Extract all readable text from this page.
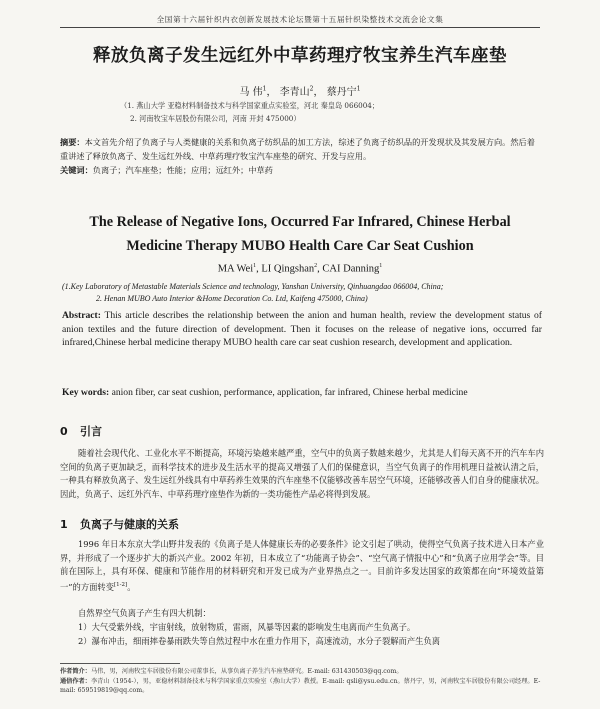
全国第十六届针织内衣创新发展技术论坛暨第十五届针织染整技术交流会论文集
释放负离子发生远红外中草药理疗牧宝养生汽车座垫
马 伟$^1$， 李青山$^2$， 蔡丹宁$^1$
（1. 燕山大学 亚稳材料制备技术与科学国家重点实验室，河北 秦皇岛 066004；
2. 河南牧宝车居股份有限公司，河南 开封 475000）
摘要：本文首先介绍了负离子与人类健康的关系和负离子纺织品的加工方法，综述了负离子纺织品的开发现状及其发展方向。然后着重讲述了释放负离子、发生远红外线、中草药理疗牧宝汽车座垫的研究、开发与应用。
关键词：负离子；汽车座垫；性能；应用；远红外；中草药
The Release of Negative Ions, Occurred Far Infrared, Chinese Herbal
Medicine Therapy MUBO Health Care Car Seat Cushion
MA Wei$^1$, LI Qingshan$^2$, CAI Danning$^1$
(1.Key Laboratory of Metastable Materials Science and technology, Yanshan University, Qinhuangdao 066004, China;
2. Henan MUBO Auto Interior &Home Decoration Co. Ltd, Kaifeng 475000, China)
Abstract: This article describes the relationship between the anion and human health, review the development status of anion textiles and the future direction of development. Then it focuses on the release of negative ions, occurred far infrared,Chinese herbal medicine therapy MUBO health care car seat cushion research, development and application.
Key words: anion fiber, car seat cushion, performance, application, far infrared, Chinese herbal medicine
0 引言
随着社会现代化、工业化水平不断提高，环境污染越来越严重，空气中的负离子数越来越少，尤其是人们每天离不开的汽车车内空间的负离子更加缺乏，而科学技术的进步及生活水平的提高又增强了人们的保健意识，当空气负离子的作用机理日益被认清之后，一种具有释放负离子、发生远红外线具有中草药养生效果的汽车座垫不仅能够改善车居空气环境，还能够改善人们自身的健康状况。因此，负离子、远红外汽车、中草药理疗座垫作为新的一类功能性产品必将得到发展。
1 负离子与健康的关系
1996 年日本东京大学山野井发表的《负离子是人体健康长寿的必要条件》论文引起了哄动，使得空气负离子技术进入日本产业界，并形成了一个逐步扩大的新兴产业。2002 年初，日本成立了“功能离子协会”、“空气离子情报中心”和“负离子应用学会”等。目前在国际上，具有环保、健康和节能作用的材料研究和开发已成为产业界热点之一。目前许多发达国家的政策都在向“环境效益第一”的方面转变[1-2]。
自然界空气负离子产生有四大机制：
1）大气受紫外线，宇宙射线，放射物质，雷雨，风暴等因素的影响发生电离而产生负离子。
2）瀑布冲击，细雨摔卷暴雨跌失等自然过程中水在重力作用下，高速流动，水分子裂解而产生负离
作者简介：马伟，男，河南牧宝车居股份有限公司董事长，从事负离子养生汽车座垫研究。E-mail: 631430503@qq.com。
通信作者：李青山（1954-），男，亚稳材料制备技术与科学国家重点实验室（燕山大学）教授。E-mail: qsli@ysu.edu.cn。蔡丹宁，男，河南牧宝车居股份有限公司经理。E-mail: 659519819@qq.com。
